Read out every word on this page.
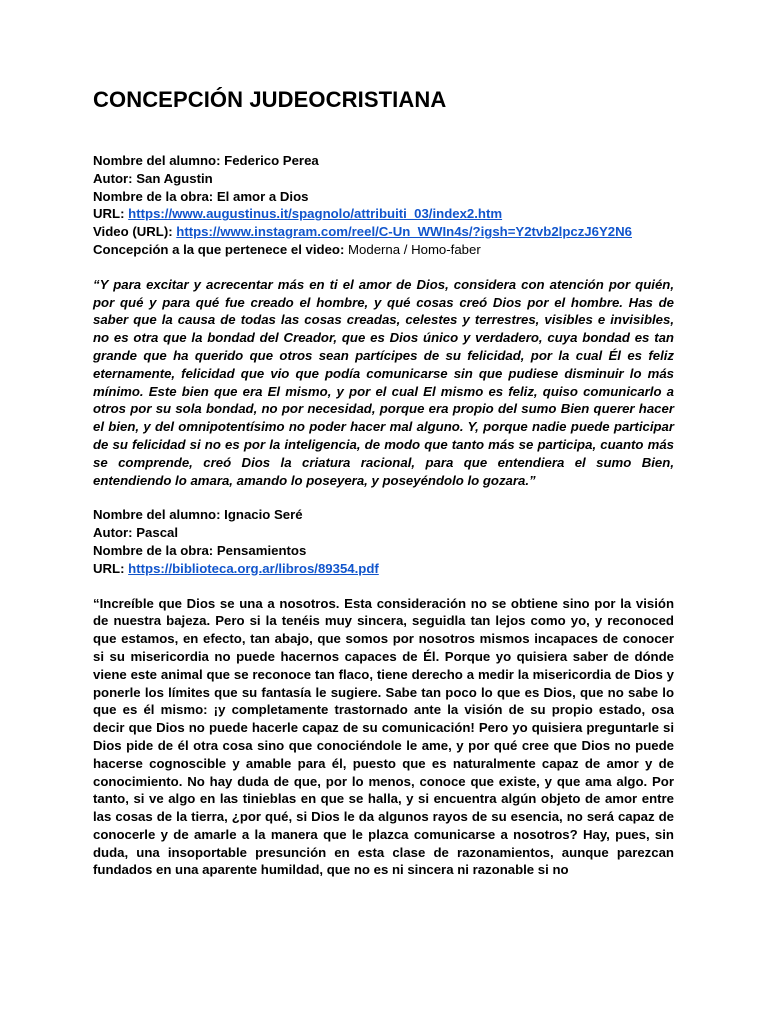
CONCEPCIÓN JUDEOCRISTIANA

Nombre del alumno: Federico Perea

Autor: San Agustin

Nombre de la obra: El amor a Dios

URL: https://www.augustinus.it/spagnolo/attribuiti_03/index2.htm

Video (URL): https://www.instagram.com/reel/C-Un_WWIn4s/?igsh=Y2tvb2lpczJ6Y2N6

Concepción a la que pertenece el video: Moderna / Homo-faber

“Y para excitar y acrecentar más en ti el amor de Dios, considera con atención por quién, por qué y para qué fue creado el hombre, y qué cosas creó Dios por el hombre. Has de saber que la causa de todas las cosas creadas, celestes y terrestres, visibles e invisibles, no es otra que la bondad del Creador, que es Dios único y verdadero, cuya bondad es tan grande que ha querido que otros sean partícipes de su felicidad, por la cual Él es feliz eternamente, felicidad que vio que podía comunicarse sin que pudiese disminuir lo más mínimo. Este bien que era El mismo, y por el cual El mismo es feliz, quiso comunicarlo a otros por su sola bondad, no por necesidad, porque era propio del sumo Bien querer hacer el bien, y del omnipotentísimo no poder hacer mal alguno. Y, porque nadie puede participar de su felicidad si no es por la inteligencia, de modo que tanto más se participa, cuanto más se comprende, creó Dios la criatura racional, para que entendiera el sumo Bien, entendiendo lo amara, amando lo poseyera, y poseyéndolo lo gozara.”

Nombre del alumno: Ignacio Seré

Autor: Pascal

Nombre de la obra: Pensamientos

URL: https://biblioteca.org.ar/libros/89354.pdf

“Increíble que Dios se una a nosotros. Esta consideración no se obtiene sino por la visión de nuestra bajeza. Pero si la tenéis muy sincera, seguidla tan lejos como yo, y reconoced que estamos, en efecto, tan abajo, que somos por nosotros mismos incapaces de conocer si su misericordia no puede hacernos capaces de Él. Porque yo quisiera saber de dónde viene este animal que se reconoce tan flaco, tiene derecho a medir la misericordia de Dios y ponerle los límites que su fantasía le sugiere. Sabe tan poco lo que es Dios, que no sabe lo que es él mismo: ¡y completamente trastornado ante la visión de su propio estado, osa decir que Dios no puede hacerle capaz de su comunicación! Pero yo quisiera preguntarle si Dios pide de él otra cosa sino que conociéndole le ame, y por qué cree que Dios no puede hacerse cognoscible y amable para él, puesto que es naturalmente capaz de amor y de conocimiento. No hay duda de que, por lo menos, conoce que existe, y que ama algo. Por tanto, si ve algo en las tinieblas en que se halla, y si encuentra algún objeto de amor entre las cosas de la tierra, ¿por qué, si Dios le da algunos rayos de su esencia, no será capaz de conocerle y de amarle a la manera que le plazca comunicarse a nosotros? Hay, pues, sin duda, una insoportable presunción en esta clase de razonamientos, aunque parezcan fundados en una aparente humildad, que no es ni sincera ni razonable si no
